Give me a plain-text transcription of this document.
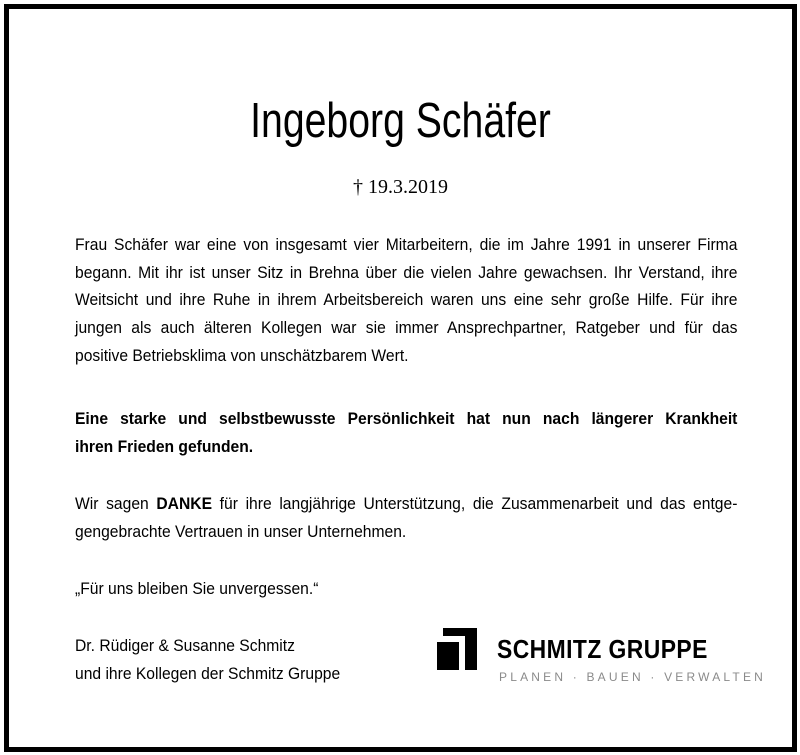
Ingeborg Schäfer
† 19.3.2019
Frau Schäfer war eine von insgesamt vier Mitarbeitern, die im Jahre 1991 in unserer Firma
begann. Mit ihr ist unser Sitz in Brehna über die vielen Jahre gewachsen. Ihr Verstand, ihre
Weitsicht und ihre Ruhe in ihrem Arbeitsbereich waren uns eine sehr große Hilfe. Für ihre
jungen als auch älteren Kollegen war sie immer Ansprechpartner, Ratgeber und für das
positive Betriebsklima von unschätzbarem Wert.
Eine starke und selbstbewusste Persönlichkeit hat nun nach längerer Krankheit
ihren Frieden gefunden.
Wir sagen DANKE für ihre langjährige Unterstützung, die Zusammenarbeit und das entge-
gengebrachte Vertrauen in unser Unternehmen.
„Für uns bleiben Sie unvergessen.“
Dr. Rüdiger & Susanne Schmitz
und ihre Kollegen der Schmitz Gruppe
SCHMITZ GRUPPE
PLANEN · BAUEN · VERWALTEN
